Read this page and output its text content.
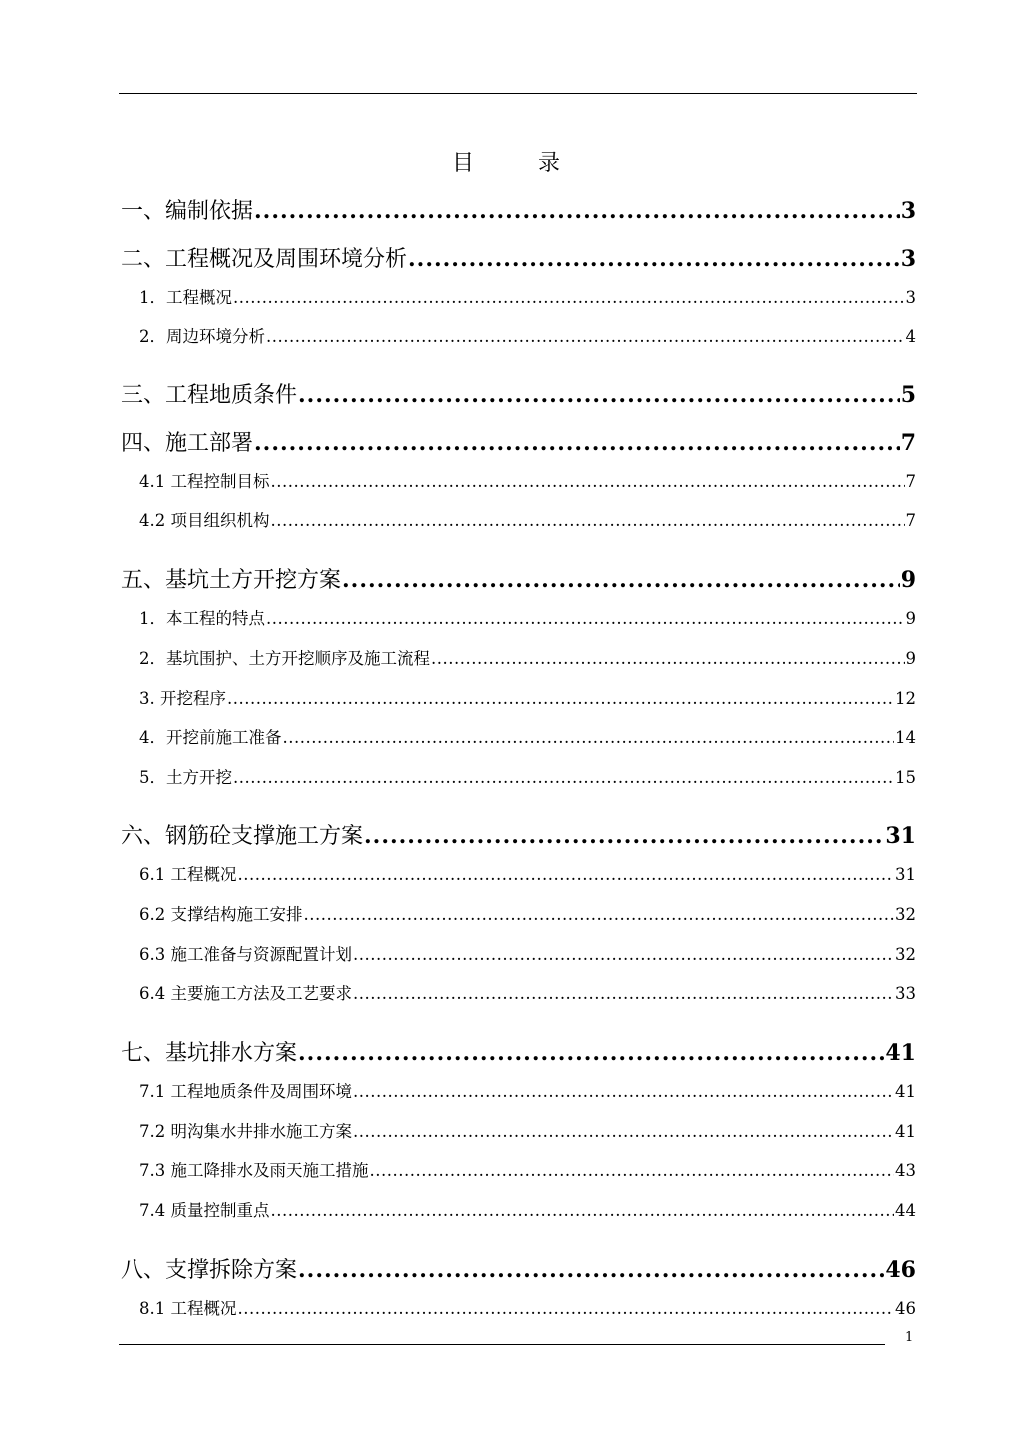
目	录
一、编制依据 .....	3
二、工程概况及周围环境分析 .....	3
1．工程概况 .....	3
2．周边环境分析 .....	4
三、工程地质条件 .....	5
四、施工部署 .....	7
4.1 工程控制目标 .....	7
4.2 项目组织机构 .....	7
五、基坑土方开挖方案 .....	9
1．本工程的特点 .....	9
2．基坑围护、土方开挖顺序及施工流程 .....	9
3. 开挖程序 .....	12
4．开挖前施工准备 .....	14
5．土方开挖 .....	15
六、钢筋砼支撑施工方案 .....	31
6.1 工程概况 .....	31
6.2 支撑结构施工安排 .....	32
6.3 施工准备与资源配置计划 .....	32
6.4 主要施工方法及工艺要求 .....	33
七、基坑排水方案 .....	41
7.1 工程地质条件及周围环境 .....	41
7.2 明沟集水井排水施工方案 .....	41
7.3 施工降排水及雨天施工措施 .....	43
7.4 质量控制重点 .....	44
八、支撑拆除方案 .....	46
8.1 工程概况 .....	46
1
